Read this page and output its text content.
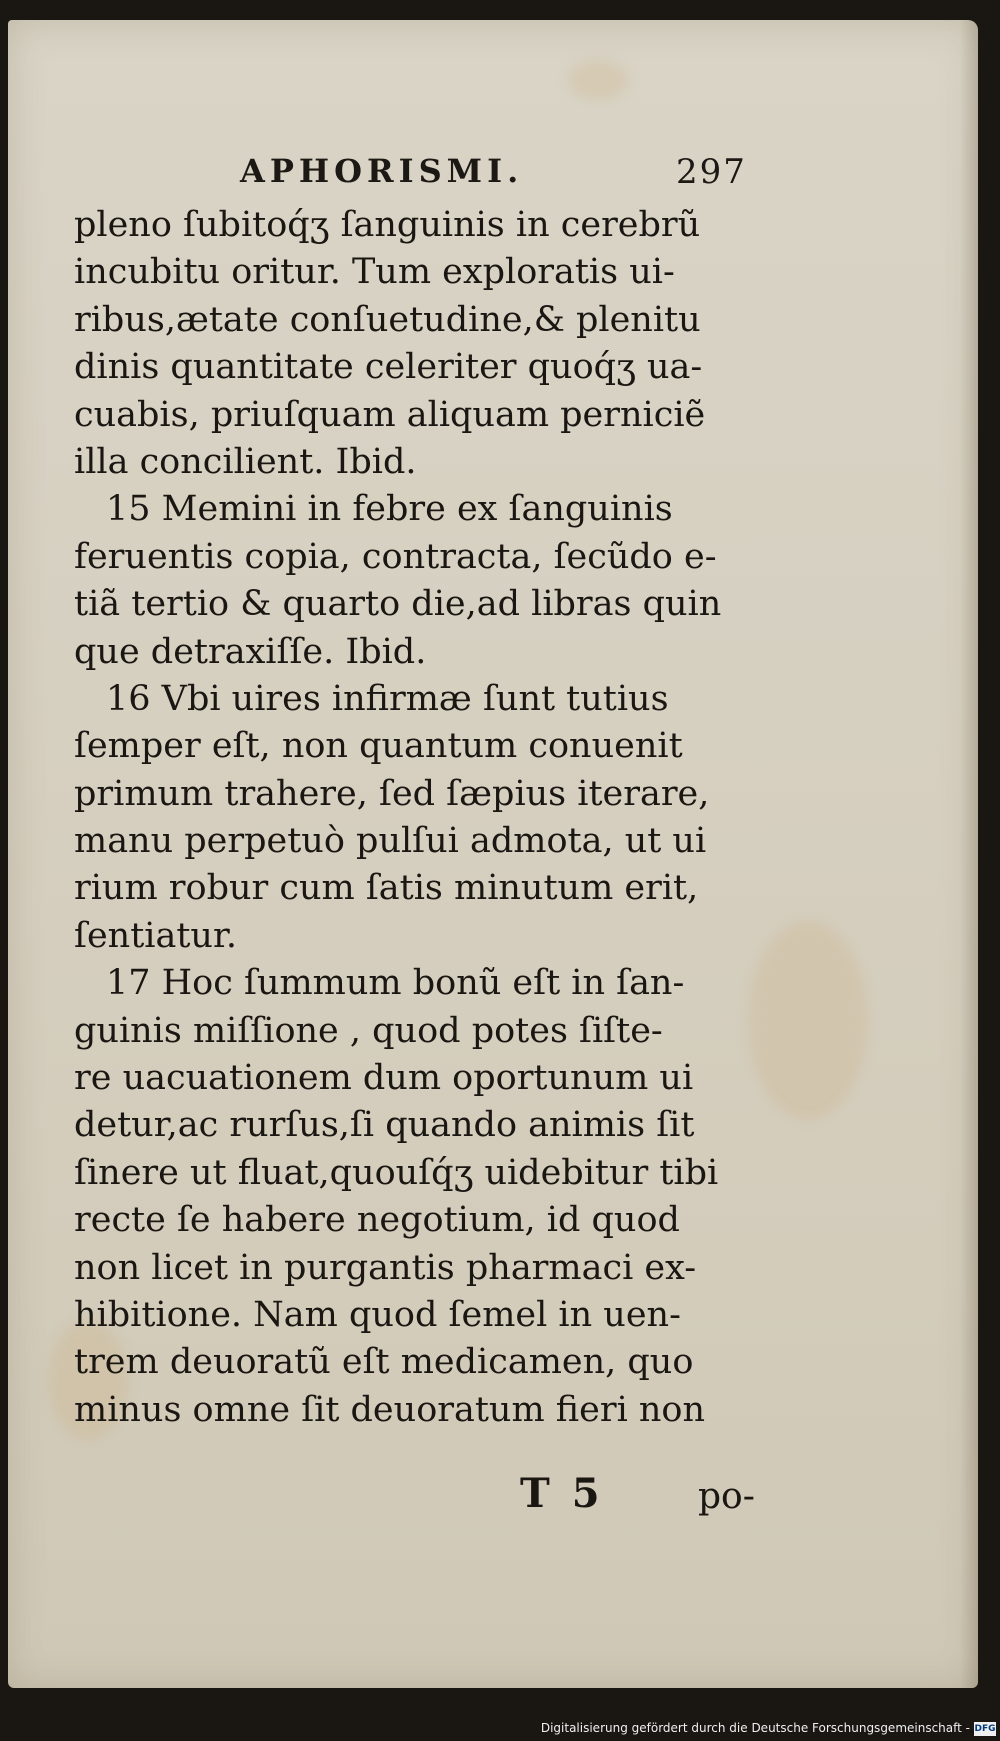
APHORISMI.	297
pleno ſubitoq́ʒ ſanguinis in cerebrũ
incubitu oritur. Tum exploratis ui-
ribus,ætate conſuetudine,& plenitu
dinis quantitate celeriter quoq́ʒ ua-
cuabis, priuſquam aliquam perniciẽ
illa concilient. Ibid.
15 Memini in febre ex ſanguinis
feruentis copia, contracta, ſecũdo e-
tiã tertio & quarto die,ad libras quin
que detraxiſſe. Ibid.
16 Vbi uires infirmæ ſunt tutius
ſemper eſt, non quantum conuenit
primum trahere, ſed ſæpius iterare,
manu perpetuò pulſui admota, ut ui
rium robur cum ſatis minutum erit,
ſentiatur.
17 Hoc ſummum bonũ eſt in ſan-
guinis miſſione , quod potes ſiſte-
re uacuationem dum oportunum ui
detur,ac rurſus,ſi quando animis ſit
ſinere ut fluat,quouſq́ʒ uidebitur tibi
recte ſe habere negotium, id quod
non licet in purgantis pharmaci ex-
hibitione. Nam quod ſemel in uen-
trem deuoratũ eſt medicamen, quo
minus omne ſit deuoratum fieri non
T 5	po-
Digitalisierung gefördert durch die Deutsche Forschungsgemeinschaft - DFG
